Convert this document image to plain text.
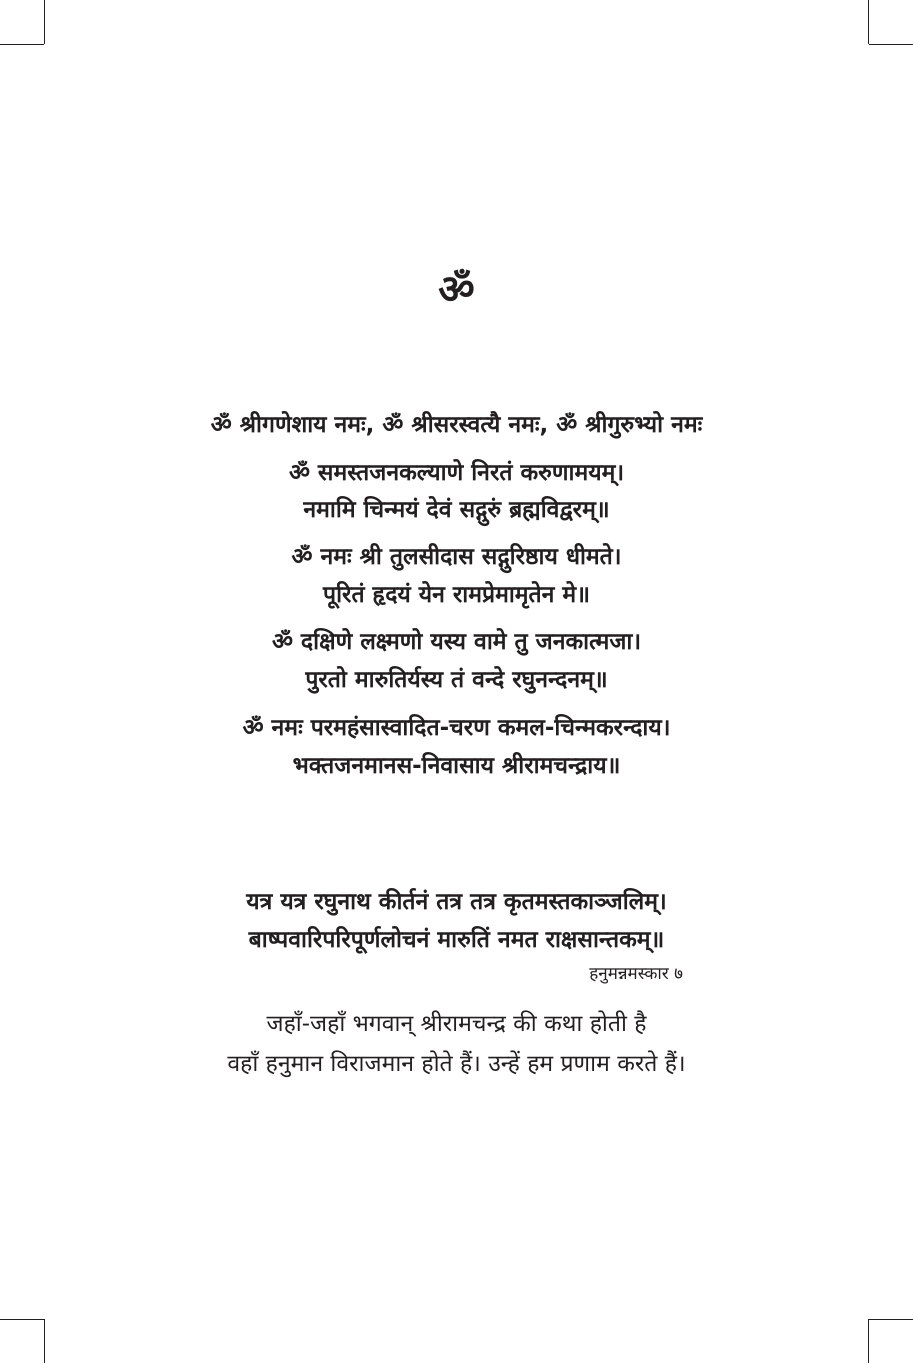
ॐ
ॐ श्रीगणेशाय नमः, ॐ श्रीसरस्वत्यै नमः, ॐ श्रीगुरुभ्यो नमः
ॐ समस्तजनकल्याणे निरतं करुणामयम्।
नमामि चिन्मयं देवं सद्गुरुं ब्रह्मविद्वरम्॥
ॐ नमः श्री तुलसीदास सद्गुरिष्ठाय धीमते।
पूरितं हृदयं येन रामप्रेमामृतेन मे॥
ॐ दक्षिणे लक्ष्मणो यस्य वामे तु जनकात्मजा।
पुरतो मारुतिर्यस्य तं वन्दे रघुनन्दनम्॥
ॐ नमः परमहंसास्वादित-चरण कमल-चिन्मकरन्दाय।
भक्तजनमानस-निवासाय श्रीरामचन्द्राय॥
यत्र यत्र रघुनाथ कीर्तनं तत्र तत्र कृतमस्तकाञ्जलिम्।
बाष्पवारिपरिपूर्णलोचनं मारुतिं नमत राक्षसान्तकम्॥
हनुमन्नमस्कार ७
जहाँ-जहाँ भगवान् श्रीरामचन्द्र की कथा होती है
वहाँ हनुमान विराजमान होते हैं। उन्हें हम प्रणाम करते हैं।
